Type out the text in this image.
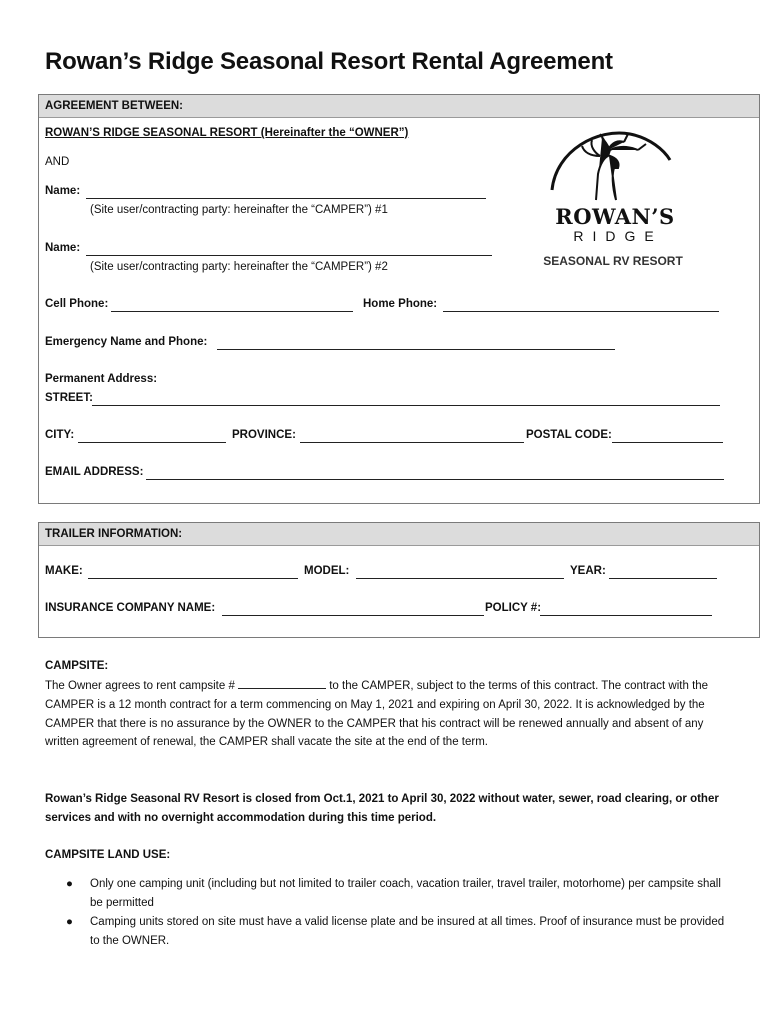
Rowan’s Ridge Seasonal Resort Rental Agreement
AGREEMENT BETWEEN:
ROWAN’S RIDGE SEASONAL RESORT (Hereinafter the “OWNER”)
AND
Name:
(Site user/contracting party: hereinafter the “CAMPER”) #1
Name:
(Site user/contracting party: hereinafter the “CAMPER”) #2
Cell Phone:	Home Phone:
Emergency Name and Phone:
Permanent Address:
STREET:
CITY:	PROVINCE:	POSTAL CODE:
EMAIL ADDRESS:
ROWAN’S
RIDGE
SEASONAL RV RESORT
TRAILER INFORMATION:
MAKE:	MODEL:	YEAR:
INSURANCE COMPANY NAME:	POLICY #:
CAMPSITE:
The Owner agrees to rent campsite #	to the CAMPER, subject to the terms of this contract. The contract with the CAMPER is a 12 month contract for a term commencing on May 1, 2021 and expiring on April 30, 2022. It is acknowledged by the CAMPER that there is no assurance by the OWNER to the CAMPER that his contract will be renewed annually and absent of any written agreement of renewal, the CAMPER shall vacate the site at the end of the term.
Rowan’s Ridge Seasonal RV Resort is closed from Oct.1, 2021 to April 30, 2022 without water, sewer, road clearing, or other services and with no overnight accommodation during this time period.
CAMPSITE LAND USE:
● Only one camping unit (including but not limited to trailer coach, vacation trailer, travel trailer, motorhome) per campsite shall be permitted
● Camping units stored on site must have a valid license plate and be insured at all times. Proof of insurance must be provided to the OWNER.
